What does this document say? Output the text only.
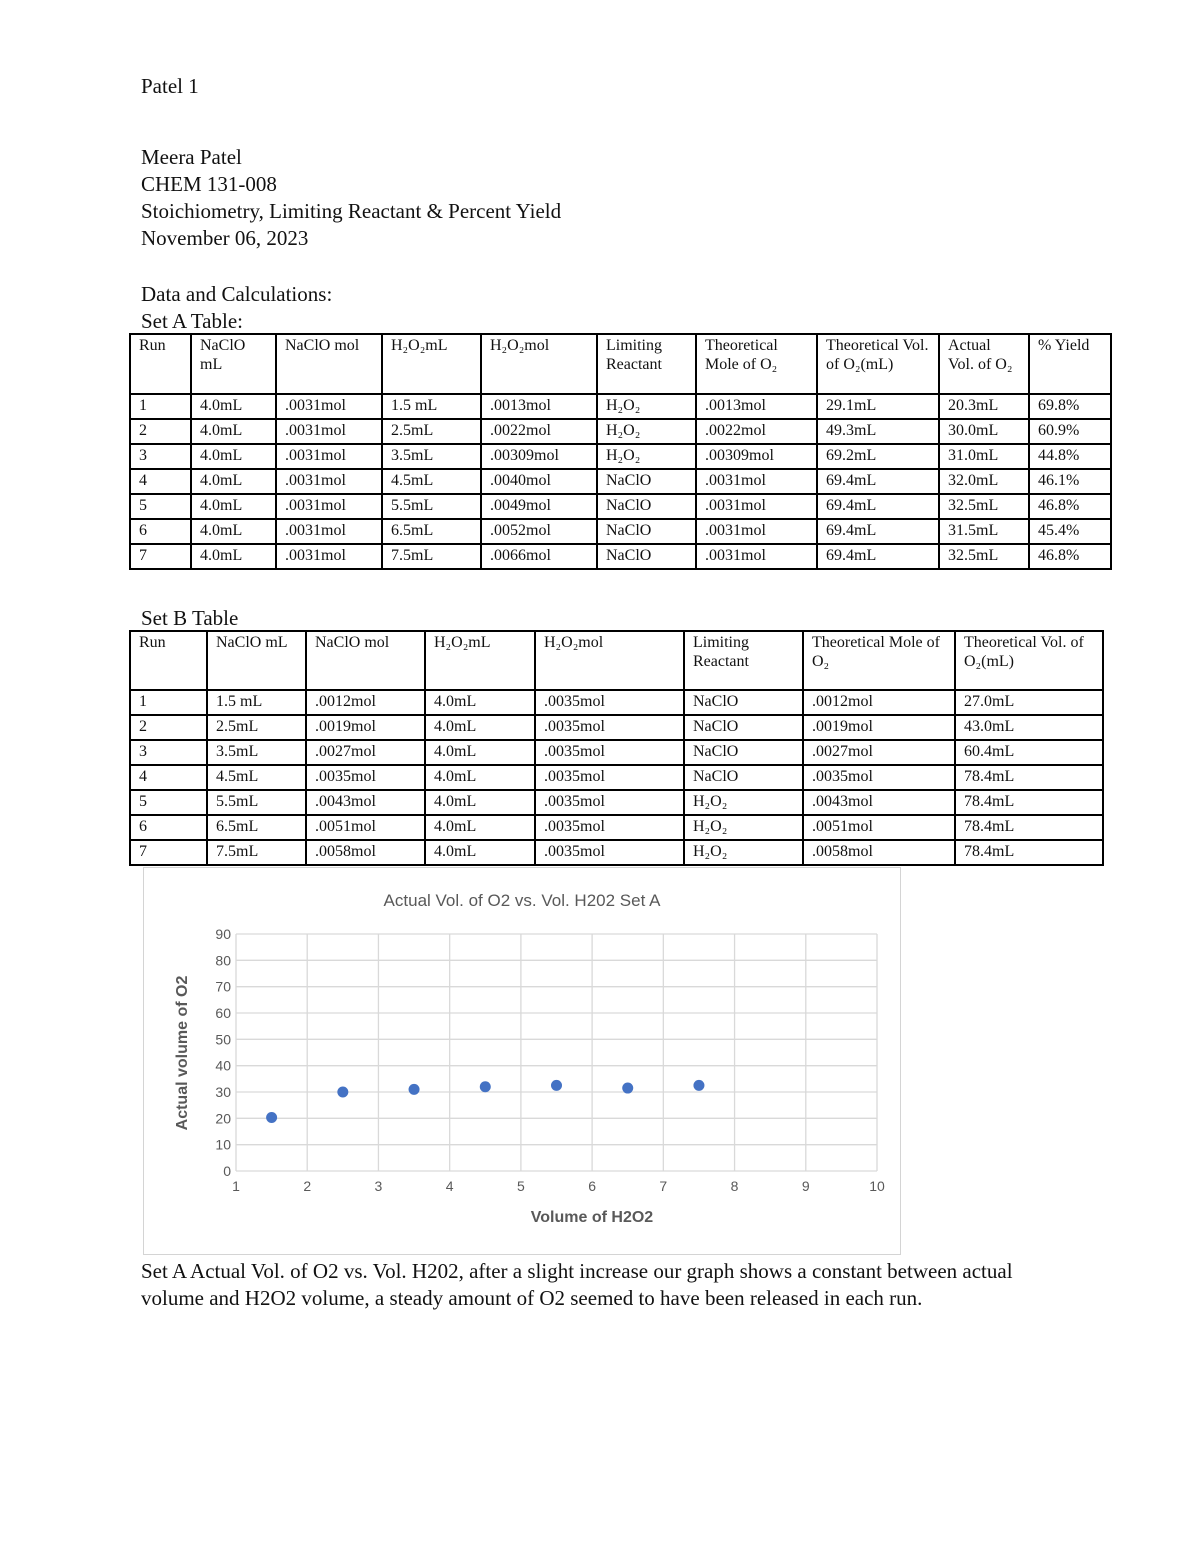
Patel 1
Meera Patel
CHEM 131-008
Stoichiometry, Limiting Reactant & Percent Yield
November 06, 2023
Data and Calculations:
Set A Table:
Run	NaClO mL	NaClO mol	H₂O₂mL	H₂O₂mol	Limiting Reactant	Theoretical Mole of O₂	Theoretical Vol. of O₂(mL)	Actual Vol. of O₂	% Yield
1	4.0mL	.0031mol	1.5 mL	.0013mol	H₂O₂	.0013mol	29.1mL	20.3mL	69.8%
2	4.0mL	.0031mol	2.5mL	.0022mol	H₂O₂	.0022mol	49.3mL	30.0mL	60.9%
3	4.0mL	.0031mol	3.5mL	.00309mol	H₂O₂	.00309mol	69.2mL	31.0mL	44.8%
4	4.0mL	.0031mol	4.5mL	.0040mol	NaClO	.0031mol	69.4mL	32.0mL	46.1%
5	4.0mL	.0031mol	5.5mL	.0049mol	NaClO	.0031mol	69.4mL	32.5mL	46.8%
6	4.0mL	.0031mol	6.5mL	.0052mol	NaClO	.0031mol	69.4mL	31.5mL	45.4%
7	4.0mL	.0031mol	7.5mL	.0066mol	NaClO	.0031mol	69.4mL	32.5mL	46.8%
Set B Table
Run	NaClO mL	NaClO mol	H₂O₂mL	H₂O₂mol	Limiting Reactant	Theoretical Mole of O₂	Theoretical Vol. of O₂(mL)
1	1.5 mL	.0012mol	4.0mL	.0035mol	NaClO	.0012mol	27.0mL
2	2.5mL	.0019mol	4.0mL	.0035mol	NaClO	.0019mol	43.0mL
3	3.5mL	.0027mol	4.0mL	.0035mol	NaClO	.0027mol	60.4mL
4	4.5mL	.0035mol	4.0mL	.0035mol	NaClO	.0035mol	78.4mL
5	5.5mL	.0043mol	4.0mL	.0035mol	H₂O₂	.0043mol	78.4mL
6	6.5mL	.0051mol	4.0mL	.0035mol	H₂O₂	.0051mol	78.4mL
7	7.5mL	.0058mol	4.0mL	.0035mol	H₂O₂	.0058mol	78.4mL
Actual Vol. of O2 vs. Vol. H202 Set A
0
10
20
30
40
50
60
70
80
90
1	2	3	4	5	6	7	8	9	10
Volume of H2O2
Actual volume of O2
Set A Actual Vol. of O2 vs. Vol. H202, after a slight increase our graph shows a constant between actual volume and H2O2 volume, a steady amount of O2 seemed to have been released in each run.
